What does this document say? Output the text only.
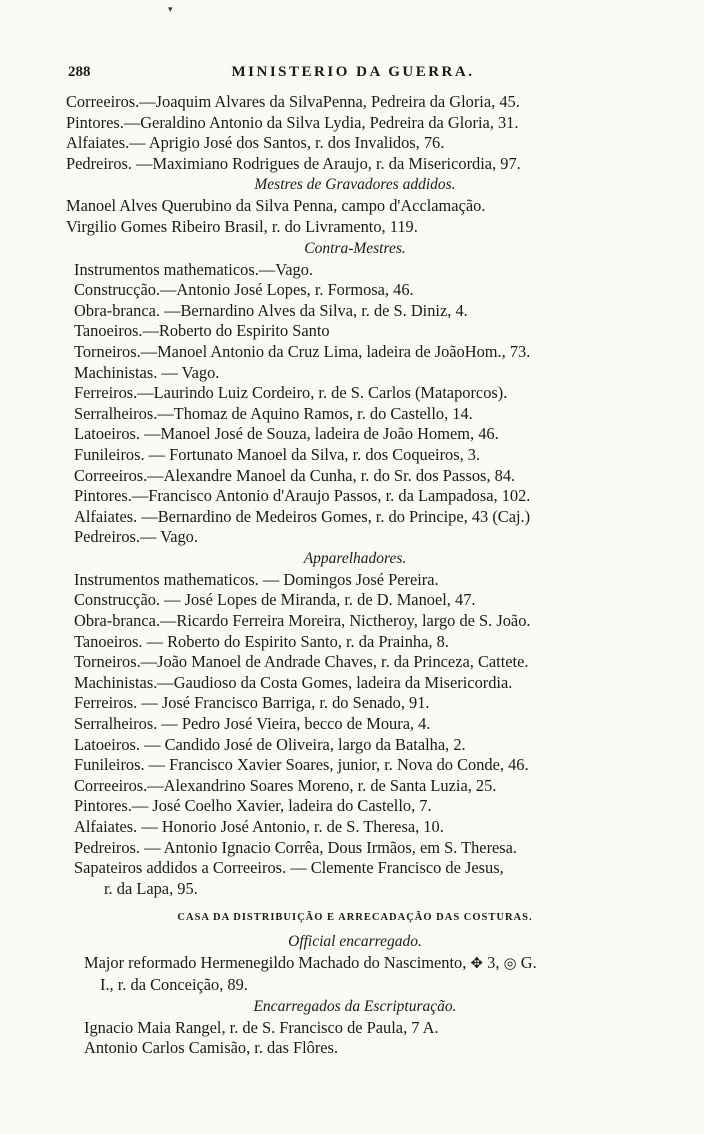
▾
288	MINISTERIO DA GUERRA.
Correeiros.—Joaquim Alvares da SilvaPenna, Pedreira da Gloria, 45.
Pintores.—Geraldino Antonio da Silva Lydia, Pedreira da Gloria, 31.
Alfaiates.— Aprigio José dos Santos, r. dos Invalidos, 76.
Pedreiros. —Maximiano Rodrigues de Araujo, r. da Misericordia, 97.
Mestres de Gravadores addidos.
Manoel Alves Querubino da Silva Penna, campo d'Acclamação.
Virgilio Gomes Ribeiro Brasil, r. do Livramento, 119.
Contra-Mestres.
Instrumentos mathematicos.—Vago.
Construcção.—Antonio José Lopes, r. Formosa, 46.
Obra-branca. —Bernardino Alves da Silva, r. de S. Diniz, 4.
Tanoeiros.—Roberto do Espirito Santo
Torneiros.—Manoel Antonio da Cruz Lima, ladeira de JoãoHom., 73.
Machinistas. — Vago.
Ferreiros.—Laurindo Luiz Cordeiro, r. de S. Carlos (Mataporcos).
Serralheiros.—Thomaz de Aquino Ramos, r. do Castello, 14.
Latoeiros. —Manoel José de Souza, ladeira de João Homem, 46.
Funileiros. — Fortunato Manoel da Silva, r. dos Coqueiros, 3.
Correeiros.—Alexandre Manoel da Cunha, r. do Sr. dos Passos, 84.
Pintores.—Francisco Antonio d'Araujo Passos, r. da Lampadosa, 102.
Alfaiates. —Bernardino de Medeiros Gomes, r. do Principe, 43 (Caj.)
Pedreiros.— Vago.
Apparelhadores.
Instrumentos mathematicos. — Domingos José Pereira.
Construcção. — José Lopes de Miranda, r. de D. Manoel, 47.
Obra-branca.—Ricardo Ferreira Moreira, Nictheroy, largo de S. João.
Tanoeiros. — Roberto do Espirito Santo, r. da Prainha, 8.
Torneiros.—João Manoel de Andrade Chaves, r. da Princeza, Cattete.
Machinistas.—Gaudioso da Costa Gomes, ladeira da Misericordia.
Ferreiros. — José Francisco Barriga, r. do Senado, 91.
Serralheiros. — Pedro José Vieira, becco de Moura, 4.
Latoeiros. — Candido José de Oliveira, largo da Batalha, 2.
Funileiros. — Francisco Xavier Soares, junior, r. Nova do Conde, 46.
Correeiros.—Alexandrino Soares Moreno, r. de Santa Luzia, 25.
Pintores.— José Coelho Xavier, ladeira do Castello, 7.
Alfaiates. — Honorio José Antonio, r. de S. Theresa, 10.
Pedreiros. — Antonio Ignacio Corrêa, Dous Irmãos, em S. Theresa.
Sapateiros addidos a Correeiros. — Clemente Francisco de Jesus,
r. da Lapa, 95.
CASA DA DISTRIBUIÇÃO E ARRECADAÇÃO DAS COSTURAS.
Official encarregado.
Major reformado Hermenegildo Machado do Nascimento, ✥ 3, ◎ G.
I., r. da Conceição, 89.
Encarregados da Escripturação.
Ignacio Maia Rangel, r. de S. Francisco de Paula, 7 A.
Antonio Carlos Camisão, r. das Flôres.
